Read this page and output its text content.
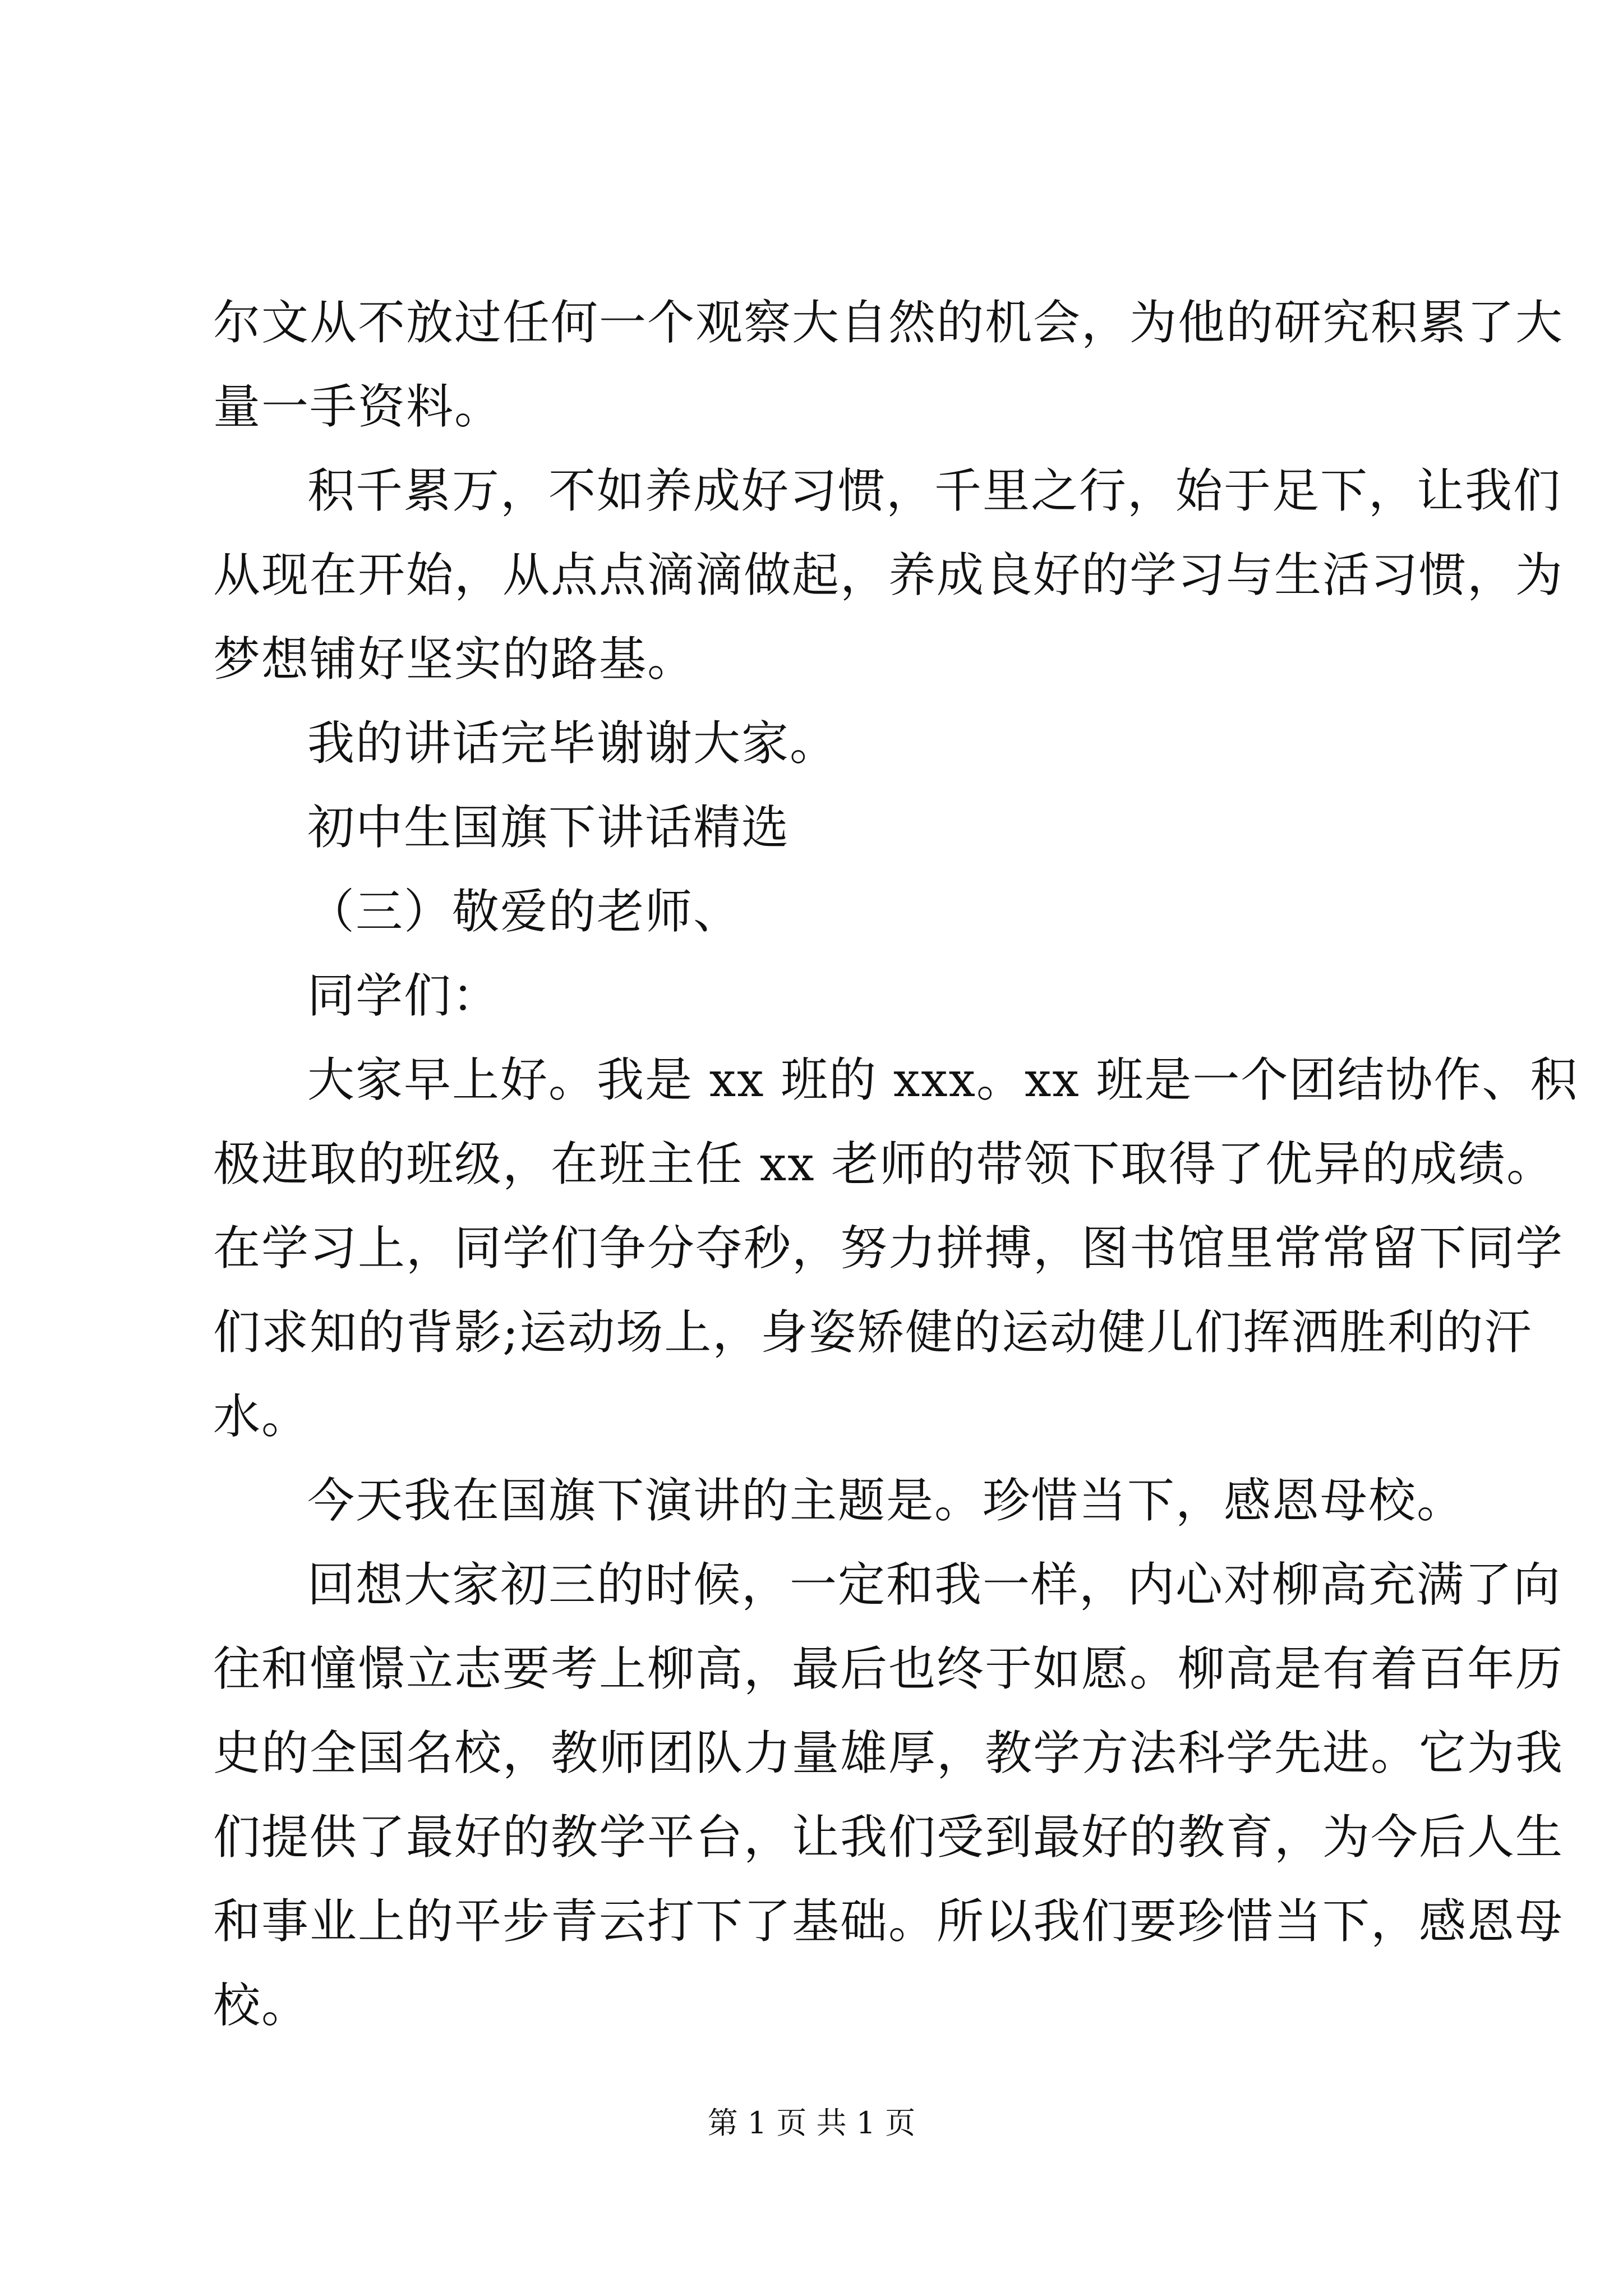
尔文从不放过任何一个观察大自然的机会，为他的研究积累了大
量一手资料。
积千累万，不如养成好习惯，千里之行，始于足下，让我们
从现在开始，从点点滴滴做起，养成良好的学习与生活习惯，为
梦想铺好坚实的路基。
我的讲话完毕谢谢大家。
初中生国旗下讲话精选
（三）敬爱的老师、
同学们：
大家早上好。我是 xx 班的 xxx。xx 班是一个团结协作、积
极进取的班级，在班主任 xx 老师的带领下取得了优异的成绩。
在学习上，同学们争分夺秒，努力拼搏，图书馆里常常留下同学
们求知的背影;运动场上，身姿矫健的运动健儿们挥洒胜利的汗
水。
今天我在国旗下演讲的主题是。珍惜当下，感恩母校。
回想大家初三的时候，一定和我一样，内心对柳高充满了向
往和憧憬立志要考上柳高，最后也终于如愿。柳高是有着百年历
史的全国名校，教师团队力量雄厚，教学方法科学先进。它为我
们提供了最好的教学平台，让我们受到最好的教育，为今后人生
和事业上的平步青云打下了基础。所以我们要珍惜当下，感恩母
校。
第 1 页 共 1 页
